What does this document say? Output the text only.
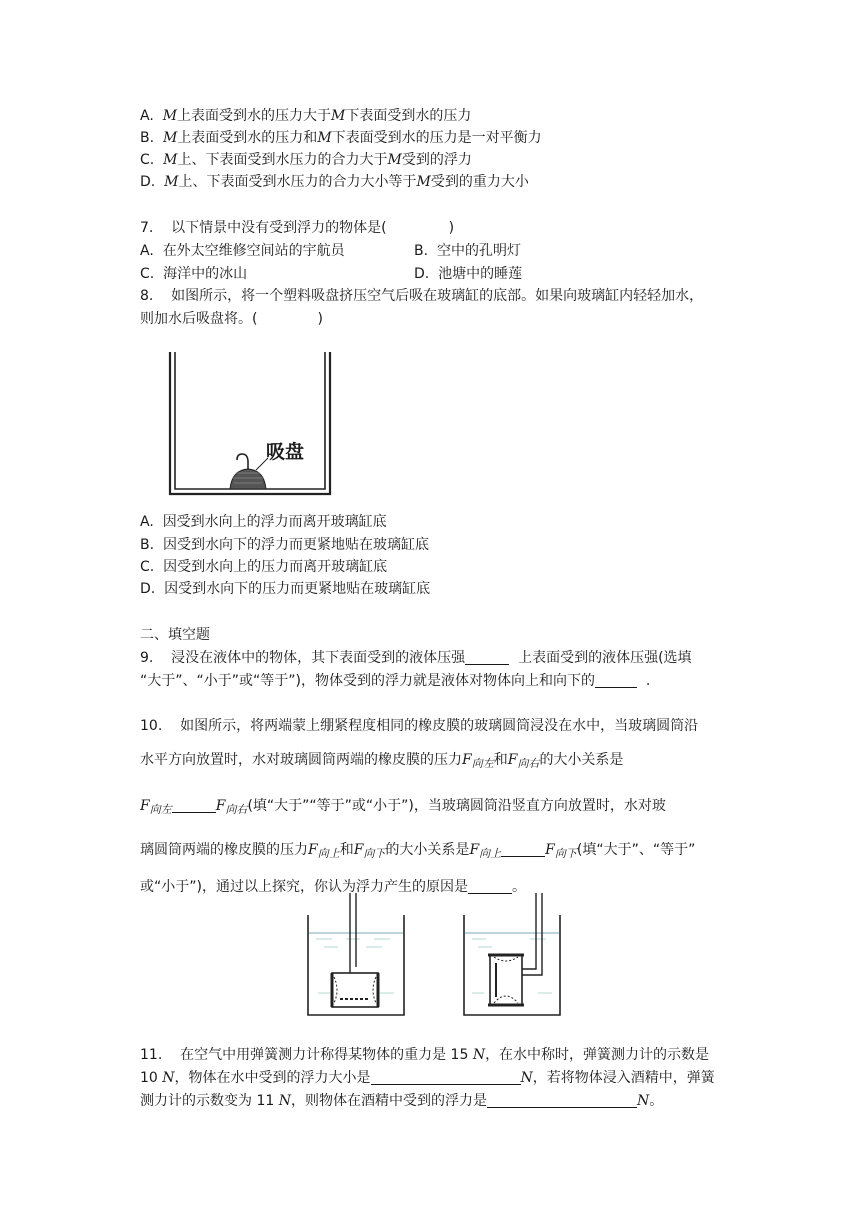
A. M上表面受到水的压力大于M下表面受到水的压力
B. M上表面受到水的压力和M下表面受到水的压力是一对平衡力
C. M上、下表面受到水压力的合力大于M受到的浮力
D. M上、下表面受到水压力的合力大小等于M受到的重力大小
7. 以下情景中没有受到浮力的物体是(	)
A. 在外太空维修空间站的宇航员	B. 空中的孔明灯
C. 海洋中的冰山	D. 池塘中的睡莲
8. 如图所示，将一个塑料吸盘挤压空气后吸在玻璃缸的底部。如果向玻璃缸内轻轻加水，
则加水后吸盘将。(	)
吸盘
A. 因受到水向上的浮力而离开玻璃缸底
B. 因受到水向下的浮力而更紧地贴在玻璃缸底
C. 因受到水向上的压力而离开玻璃缸底
D. 因受到水向下的压力而更紧地贴在玻璃缸底
二、填空题
9. 浸没在液体中的物体，其下表面受到的液体压强	上表面受到的液体压强(选填
“大于”、“小于”或“等于”)，物体受到的浮力就是液体对物体向上和向下的	.
10. 如图所示，将两端蒙上绷紧程度相同的橡皮膜的玻璃圆筒浸没在水中，当玻璃圆筒沿
水平方向放置时，水对玻璃圆筒两端的橡皮膜的压力$F_{向左}$和$F_{向右}$的大小关系是
$F_{向左}$	$F_{向右}$(填“大于”“等于”或“小于”)，当玻璃圆筒沿竖直方向放置时，水对玻
璃圆筒两端的橡皮膜的压力$F_{向上}$和$F_{向下}$的大小关系是$F_{向上}$	$F_{向下}$(填“大于”、“等于”
或“小于”)，通过以上探究，你认为浮力产生的原因是	。
11. 在空气中用弹簧测力计称得某物体的重力是 15 N，在水中称时，弹簧测力计的示数是
10 N，物体在水中受到的浮力大小是	N，若将物体浸入酒精中，弹簧
测力计的示数变为 11 N，则物体在酒精中受到的浮力是	N。
